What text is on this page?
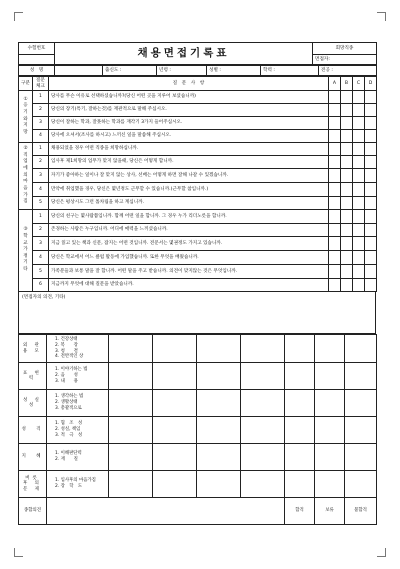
수험번호	채용면접기록표	회망직종
		면접자:
성　명		출신도 :	년령 :	성별 :	학력 :	전공 :
구분	질문 체크	질　문　사　항	A	B	C	D
① 응 기 와 지 망	1	당사를 무슨 이유로 선택하셨습니까?(당신 어떤 곳을 지루어 보셨습니까)				
	2	당신의 장기(특기, 잘하는것)를 재관적으로 말해 주십시오.				
	3	당신이 잘하는 학과, 잘못하는 학과를 재각기 3가지 들어주십시오.				
	4	당사에 오셔서(조사를 하시고) 느끼신 일을 말씀해 주십시오.				
② 직 업 에 의 마 음 가 짐	1	채용되었을 경우 어떤 직종을 희망하십니까.				
	2	입사후 제1희망의 업무가 맞지 않을때, 당신은 어떻게 합니까.				
	3	자기가 좋아하는 일이나 잘 맞지 않는 상사, 선배는 어떻게 하면 잘해 나갈 수 있겠습니까.				
	4	만약에 취업했을 경우, 당신은 몇년정도 근무할 수 있습니까.(근무할 참입니까.)				
	5	당신은 평상시도 그런 톨차림을 하고 계십니까.				
③ 학 교 가 정 기 타	1	당신의 친구는 몇사람쯤입니까. 함께 어떤 일을 합니까. 그 경우 누가 리더노릇을 합니까.				
	2	존경하는 사람은 누구입니까. 어디에 매력을 느끼셨습니까.				
	3	지금 읽고 있는 책과 신문, 잡지는 어떤 것입니까. 전문서는 몇권정도 가지고 있습니까.				
	4	당신은 학교에서 어느 클럽 활동에 가입했습니까. 또한 무엇을 배웠습니까.				
	5	가족분들과 보통 말을 잘 합니까. 어떤 말을 주고 받습니까. 의견이 맞지않는 것은 무엇입니까.				
	6	지금까지 무엇에 대해 질문을 받았습니까.				
(면접자의 의견, 기타)
외 관 용 모	1. 건강상태
2. 복　　장
3. 청　　결
4. 전반적인 상							

표 현 력	1. 이야기하는 법
2. 음　　성
3. 내　　용							

성 실 성	1. 생각하는 법
2. 생활상태
3. 총괄적으로							

성　격	1. 협　조　성
2. 성실, 책임
3. 적　극　성							

지　혜	1. 이해판단력
2. 재　　질							

버릇 후 의문 제	1. 입사후의 마음가짐
2. 장　학　도							

종합의견						합격	보류	불합격
